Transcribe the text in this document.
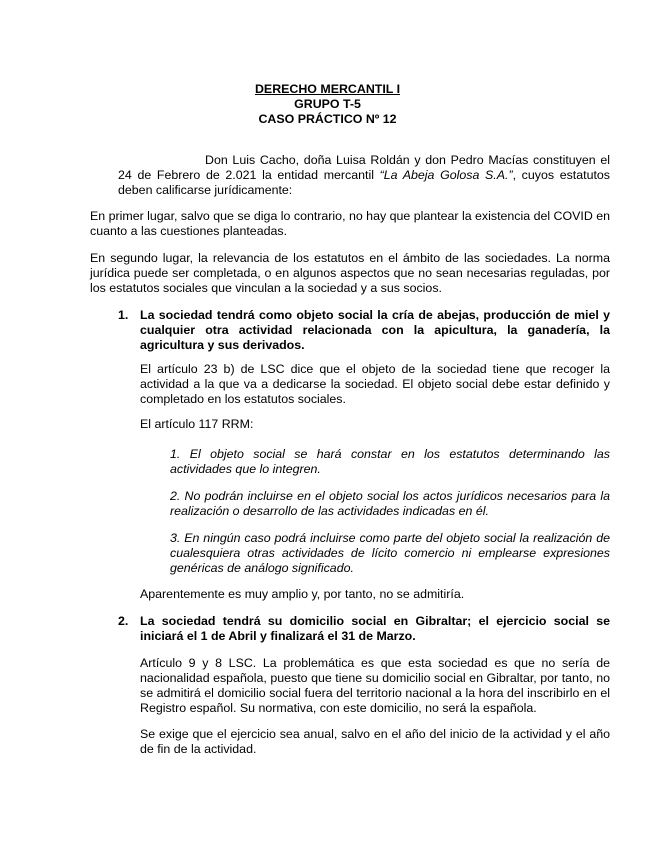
DERECHO MERCANTIL I
GRUPO T-5
CASO PRÁCTICO Nº 12

Don Luis Cacho, doña Luisa Roldán y don Pedro Macías constituyen el 24 de Febrero de 2.021 la entidad mercantil “La Abeja Golosa S.A.”, cuyos estatutos deben calificarse jurídicamente:

En primer lugar, salvo que se diga lo contrario, no hay que plantear la existencia del COVID en cuanto a las cuestiones planteadas.

En segundo lugar, la relevancia de los estatutos en el ámbito de las sociedades. La norma jurídica puede ser completada, o en algunos aspectos que no sean necesarias reguladas, por los estatutos sociales que vinculan a la sociedad y a sus socios.

1. La sociedad tendrá como objeto social la cría de abejas, producción de miel y cualquier otra actividad relacionada con la apicultura, la ganadería, la agricultura y sus derivados.

El artículo 23 b) de LSC dice que el objeto de la sociedad tiene que recoger la actividad a la que va a dedicarse la sociedad. El objeto social debe estar definido y completado en los estatutos sociales.

El artículo 117 RRM:

1. El objeto social se hará constar en los estatutos determinando las actividades que lo integren.

2. No podrán incluirse en el objeto social los actos jurídicos necesarios para la realización o desarrollo de las actividades indicadas en él.

3. En ningún caso podrá incluirse como parte del objeto social la realización de cualesquiera otras actividades de lícito comercio ni emplearse expresiones genéricas de análogo significado.

Aparentemente es muy amplio y, por tanto, no se admitiría.

2. La sociedad tendrá su domicilio social en Gibraltar; el ejercicio social se iniciará el 1 de Abril y finalizará el 31 de Marzo.

Artículo 9 y 8 LSC. La problemática es que esta sociedad es que no sería de nacionalidad española, puesto que tiene su domicilio social en Gibraltar, por tanto, no se admitirá el domicilio social fuera del territorio nacional a la hora del inscribirlo en el Registro español. Su normativa, con este domicilio, no será la española.

Se exige que el ejercicio sea anual, salvo en el año del inicio de la actividad y el año de fin de la actividad.
